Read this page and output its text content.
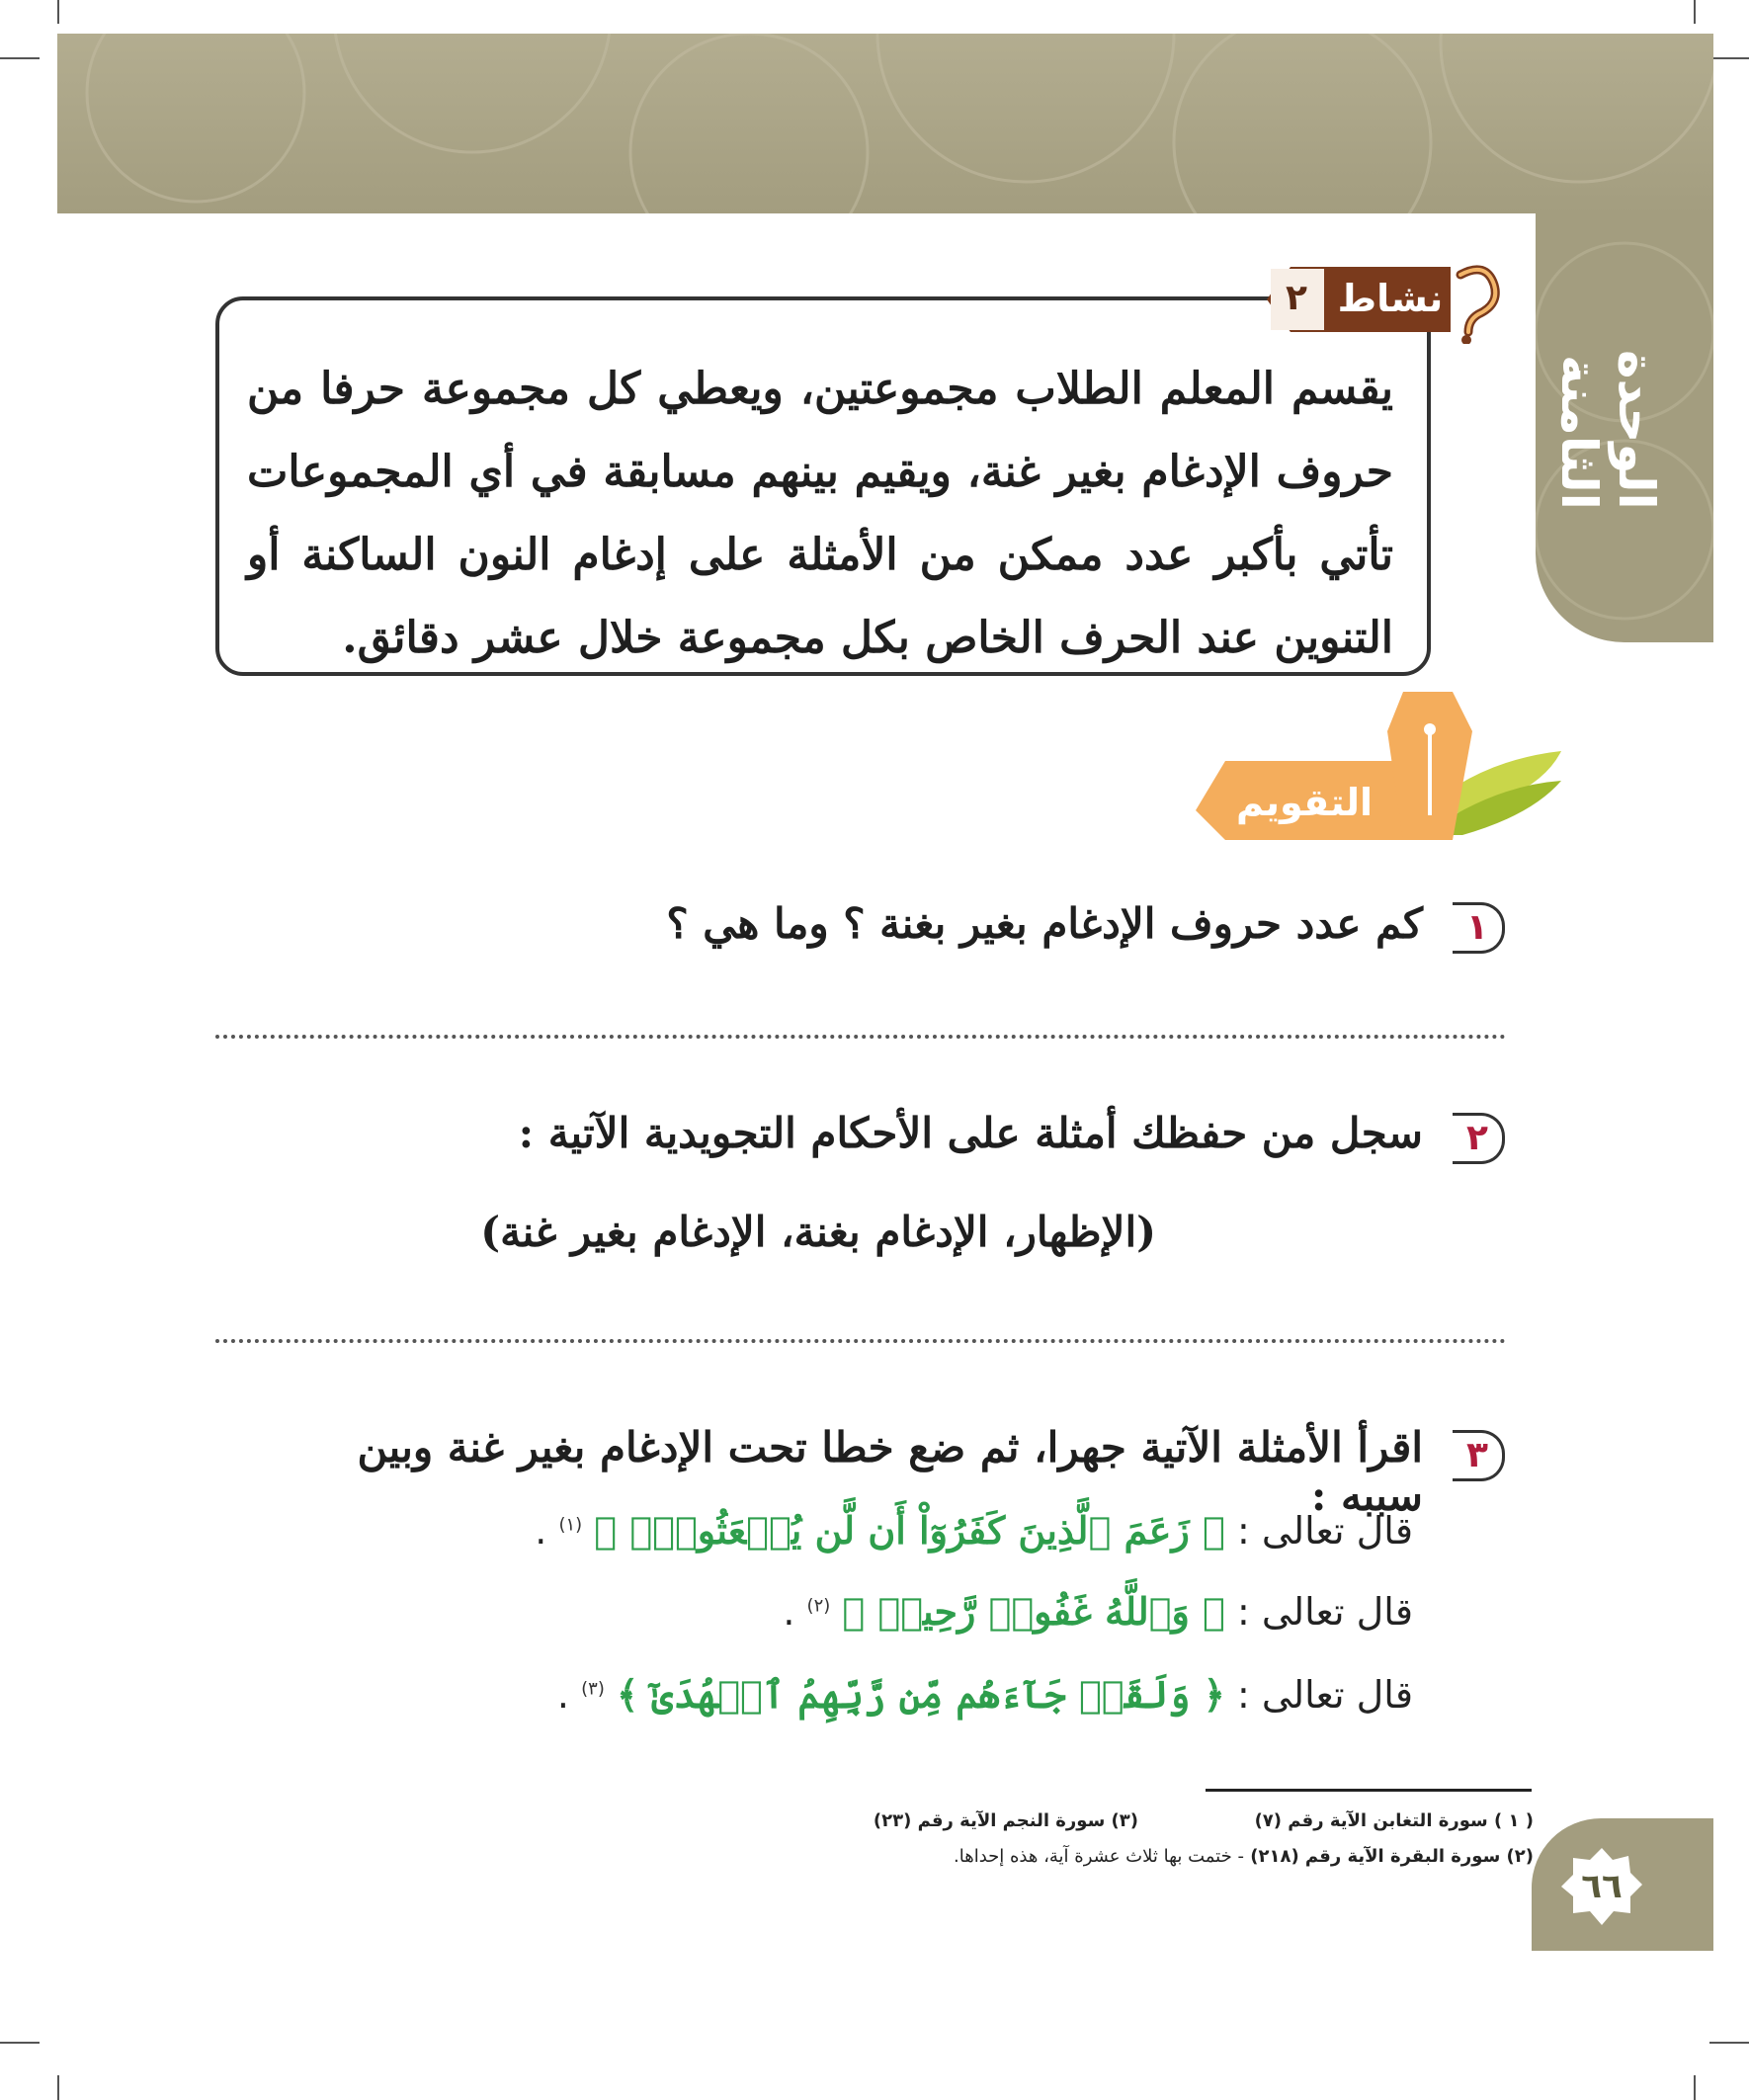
الوحدة الثامنة
نشاط
٢
يقسم المعلم الطلاب مجموعتين، ويعطي كل مجموعة حرفا من حروف الإدغام بغير غنة، ويقيم بينهم مسابقة في أي المجموعات تأتي بأكبر عدد ممكن من الأمثلة على إدغام النون الساكنة أو التنوين عند الحرف الخاص بكل مجموعة خلال عشر دقائق.
التقويم
١
كم عدد حروف الإدغام بغير بغنة ؟ وما هي ؟
٢
سجل من حفظك أمثلة على الأحكام التجويدية الآتية :
(الإظهار، الإدغام بغنة، الإدغام بغير غنة)
٣
اقرأ الأمثلة الآتية جهرا، ثم ضع خطا تحت الإدغام بغير غنة وبين سببه :
قال تعالى : ﴿ زَعَمَ ٱلَّذِينَ كَفَرُوٓاْ أَن لَّن يُبۡعَثُواْۚ ﴾ $^{(١)}$ .
قال تعالى : ﴿ وَٱللَّهُ غَفُورٞ رَّحِيمٞ ﴾ $^{(٢)}$ .
قال تعالى : ﴿ وَلَقَدۡ جَآءَهُم مِّن رَّبِّهِمُ ٱلۡهُدَىٰٓ ﴾ $^{(٣)}$ .
( ١ ) سورة التغابن الآية رقم (٧)
(٣) سورة النجم الآية رقم (٢٣)
(٢) سورة البقرة الآية رقم (٢١٨) - ختمت بها ثلاث عشرة آية، هذه إحداها.
٦٦
